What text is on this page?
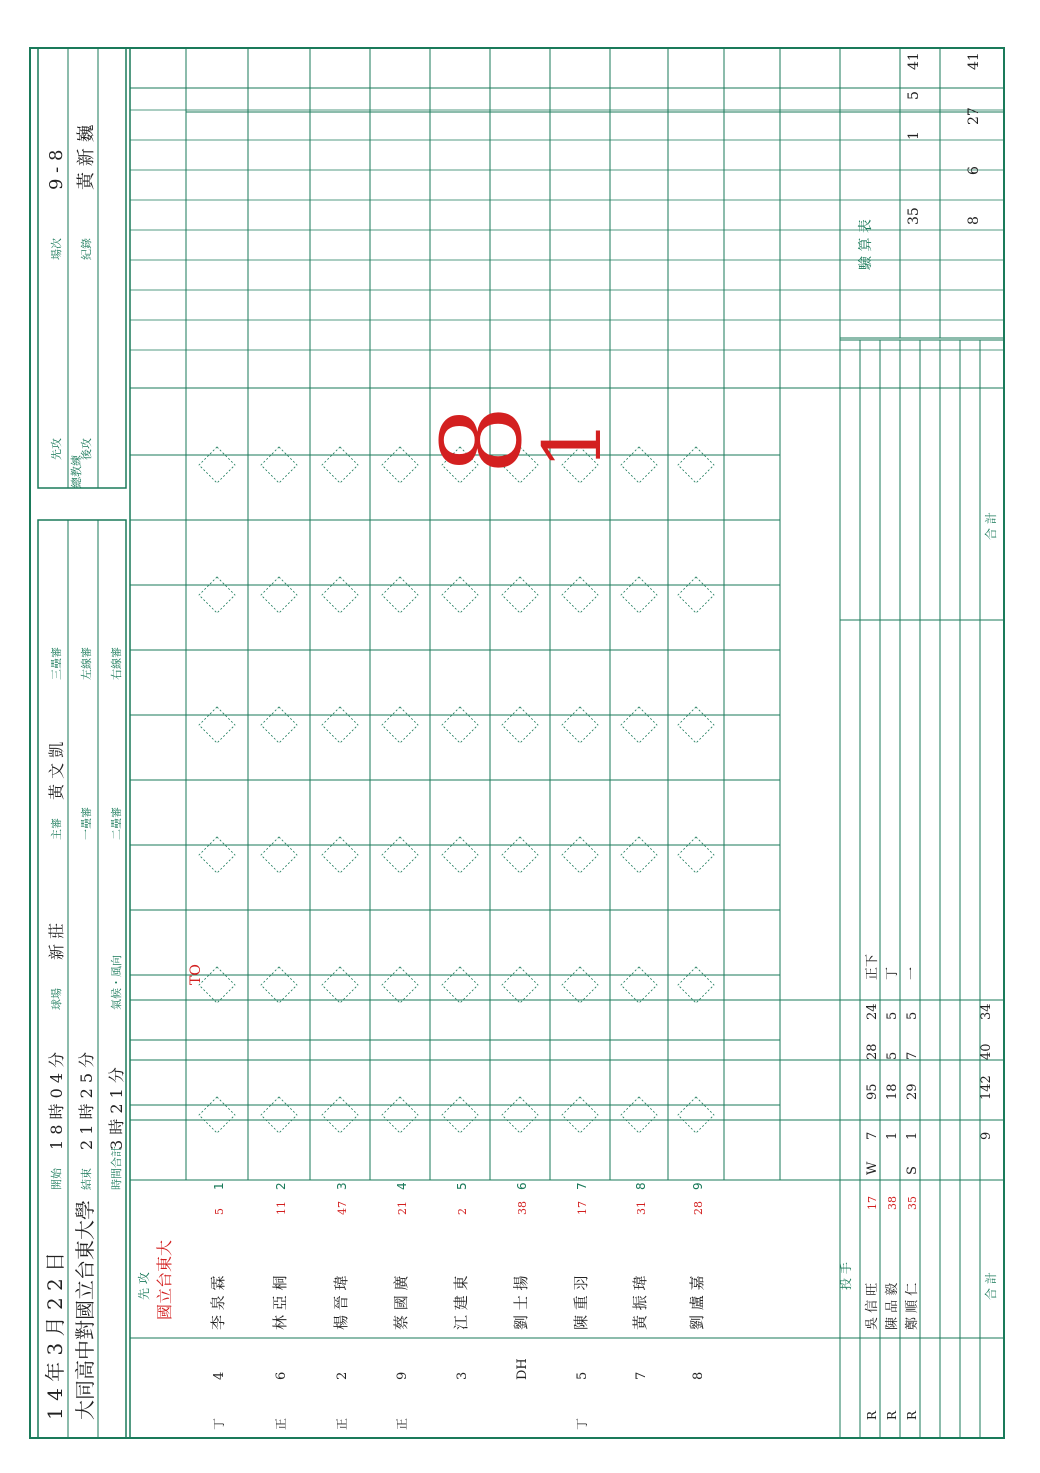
1 4 年 3 月 2 2 日 大同高中對國立台東大學
開始
1 8 時 0 4 分
結束
2 1 時 2 5 分
時間合計
3 時 2 1 分
球場
新 莊
氣候・風向
主審
黃 文 凱
一壘審 二壘審
三壘審 左線審 右線審
總教練
先攻 後攻
場次
9 - 8
紀錄
黃 新 巍
先 攻 國立台東大 李 泉 霖
5
4
1
丁
林 亞 桐
11
6
2
正
楊 晉 瑋
47
2
3
正
蔡 國 廣
21
9
4
正
江 建 東
2
3
5
劉 士 揚
38
DH
6
陳 重 羽
17
5
7
丁
黃 振 瑋
31
7
8
劉 盧 嘉
28
8
9
投 手	合 計
R
吳 信 旺
17
W
7
95
28
24
正下
R
陳 品 毅
38
1
18
5
5
丁
R
鄭 順 仁
35
S
1
29
7
5
一
9
142
40
34
驗 算 表
35
1
5
41
8
6
27
41
8
1
TO
合 計
